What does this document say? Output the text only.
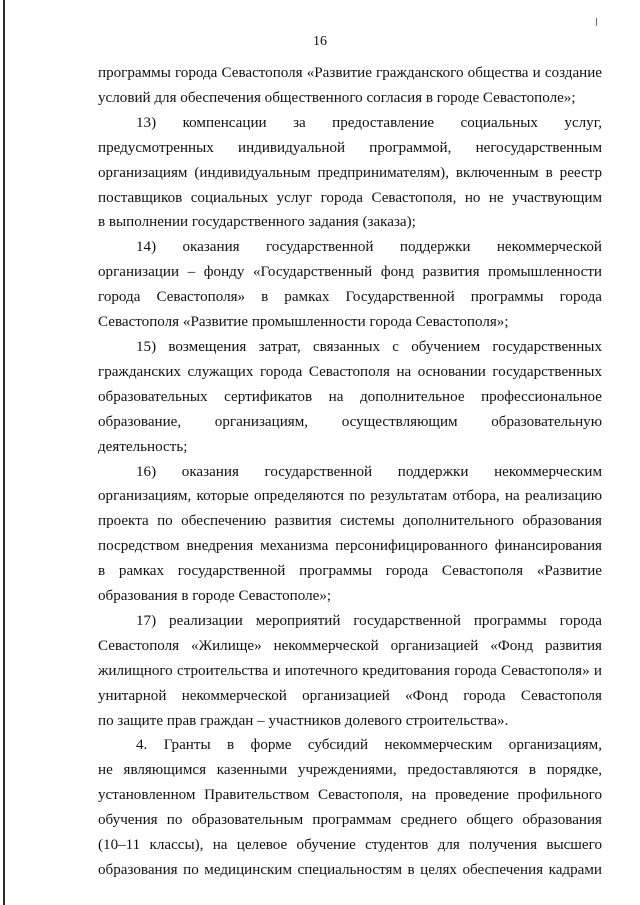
16

программы города Севастополя «Развитие гражданского общества и создание

условий для обеспечения общественного согласия в городе Севастополе»;

13) компенсации за предоставление социальных услуг,

предусмотренных индивидуальной программой, негосударственным

организациям (индивидуальным предпринимателям), включенным в реестр

поставщиков социальных услуг города Севастополя, но не участвующим

в выполнении государственного задания (заказа);

14) оказания государственной поддержки некоммерческой

организации – фонду «Государственный фонд развития промышленности

города Севастополя» в рамках Государственной программы города

Севастополя «Развитие промышленности города Севастополя»;

15) возмещения затрат, связанных с обучением государственных

гражданских служащих города Севастополя на основании государственных

образовательных сертификатов на дополнительное профессиональное

образование, организациям, осуществляющим образовательную деятельность;

16) оказания государственной поддержки некоммерческим

организациям, которые определяются по результатам отбора, на реализацию

проекта по обеспечению развития системы дополнительного образования

посредством внедрения механизма персонифицированного финансирования

в рамках государственной программы города Севастополя «Развитие

образования в городе Севастополе»;

17) реализации мероприятий государственной программы города

Севастополя «Жилище» некоммерческой организацией «Фонд развития

жилищного строительства и ипотечного кредитования города Севастополя» и

унитарной некоммерческой организацией «Фонд города Севастополя

по защите прав граждан – участников долевого строительства».

4. Гранты в форме субсидий некоммерческим организациям,

не являющимся казенными учреждениями, предоставляются в порядке,

установленном Правительством Севастополя, на проведение профильного

обучения по образовательным программам среднего общего образования

(10–11 классы), на целевое обучение студентов для получения высшего

образования по медицинским специальностям в целях обеспечения кадрами
